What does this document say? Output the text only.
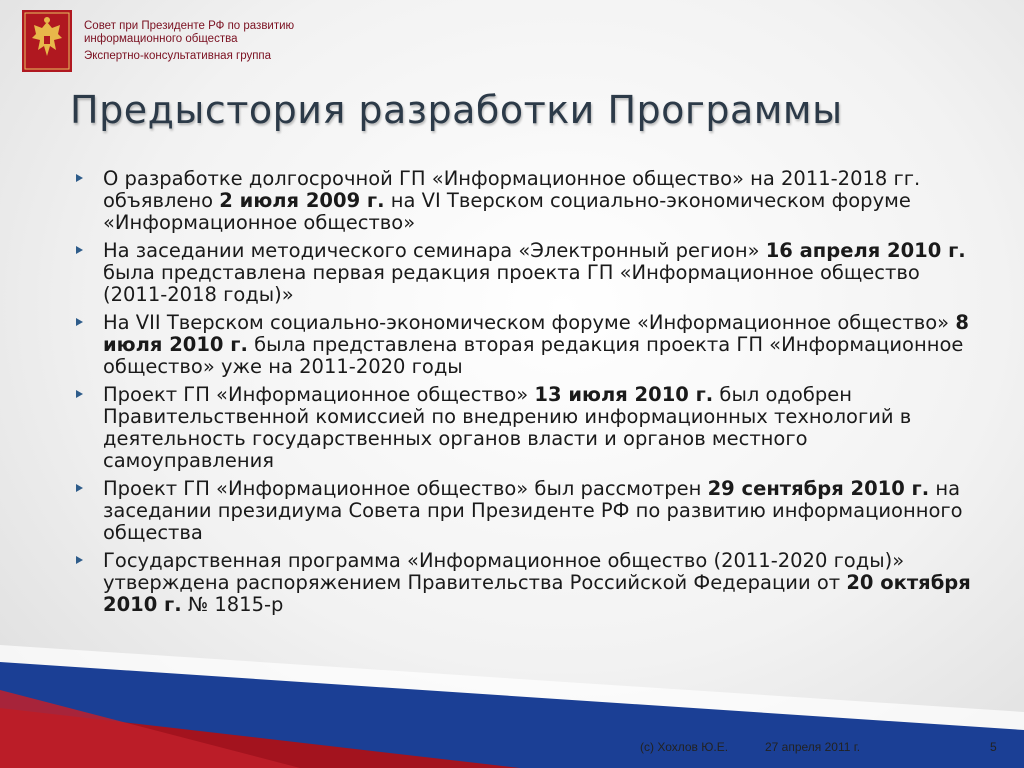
Совет при Президенте РФ по развитию
информационного общества
Экспертно-консультативная группа
Предыстория разработки Программы
О разработке долгосрочной ГП «Информационное общество» на 2011-2018 гг. объявлено 2 июля 2009 г. на VI Тверском социально-экономическом форуме «Информационное общество»
На заседании методического семинара «Электронный регион» 16 апреля 2010 г. была представлена первая редакция проекта ГП «Информационное общество (2011-2018 годы)»
На VII Тверском социально-экономическом форуме «Информационное общество» 8 июля 2010 г. была представлена вторая редакция проекта ГП «Информационное общество» уже на 2011-2020 годы
Проект ГП «Информационное общество» 13 июля 2010 г. был одобрен Правительственной комиссией по внедрению информационных технологий в деятельность государственных органов власти и органов местного самоуправления
Проект ГП «Информационное общество» был рассмотрен 29 сентября 2010 г. на заседании президиума Совета при Президенте РФ по развитию информационного общества
Государственная программа «Информационное общество (2011-2020 годы)» утверждена распоряжением Правительства Российской Федерации от 20 октября 2010 г. № 1815-р
(с) Хохлов Ю.Е.	27 апреля 2011 г.	5
